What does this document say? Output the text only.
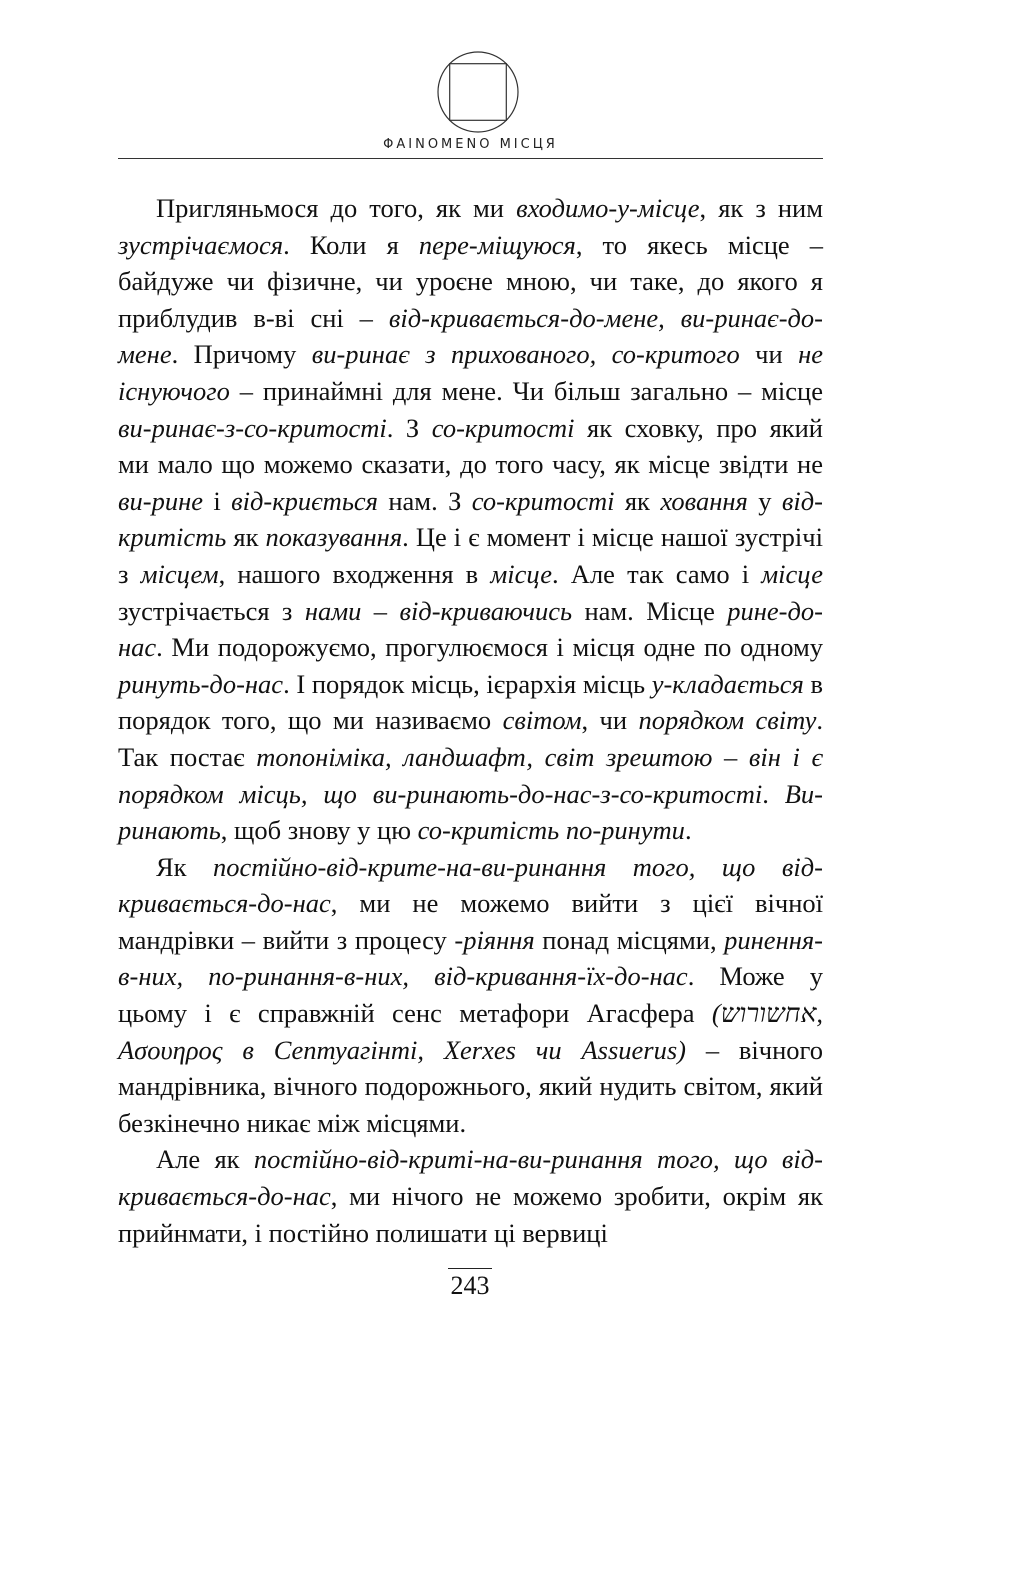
ΦAINOMENO МІСЦЯ

Пригляньмося до того, як ми входимо-у-місце, як з ним зустрічаємося. Коли я пере-міщуюся, то якесь місце – байдуже чи фізичне, чи уроєне мною, чи таке, до якого я приблудив в-ві сні – від-кривається-до-мене, ви-ринає-до-мене. Причому ви-ринає з прихованого, со-критого чи не існуючого – принаймні для мене. Чи більш загально – місце ви-ринає-з-со-критості. З со-критості як сховку, про який ми мало що можемо сказати, до того часу, як місце звідти не ви-рине і від-криється нам. З со-критості як ховання у від-критість як показування. Це і є момент і місце нашої зустрічі з місцем, нашого входження в місце. Але так само і місце зустрічається з нами – від-криваючись нам. Місце рине-до-нас. Ми подорожуємо, прогулюємося і місця одне по одному ринуть-до-нас. І порядок місць, ієрархія місць у-кладається в порядок того, що ми називаємо світом, чи порядком світу. Так постає топоніміка, ландшафт, світ зрештою – він і є порядком місць, що ви-ринають-до-нас-з-со-критості. Ви-ринають, щоб знову у цю со-критість по-ринути.

Як постійно-від-крите-на-ви-ринання того, що від-кривається-до-нас, ми не можемо вийти з цієї вічної мандрівки – вийти з процесу -ріяння понад місцями, ринення-в-них, по-ринання-в-них, від-кривання-їх-до-нас. Може у цьому і є справжній сенс метафори Агасфера (אחשורוש, Ασουηρος в Септуагінті, Xerxes чи Assuerus) – вічного мандрівника, вічного подорожнього, який нудить світом, який безкінечно никає між місцями.

Але як постійно-від-криті-на-ви-ринання того, що від-кривається-до-нас, ми нічого не можемо зробити, окрім як прийнмати, і постійно полишати ці вервиці

243
